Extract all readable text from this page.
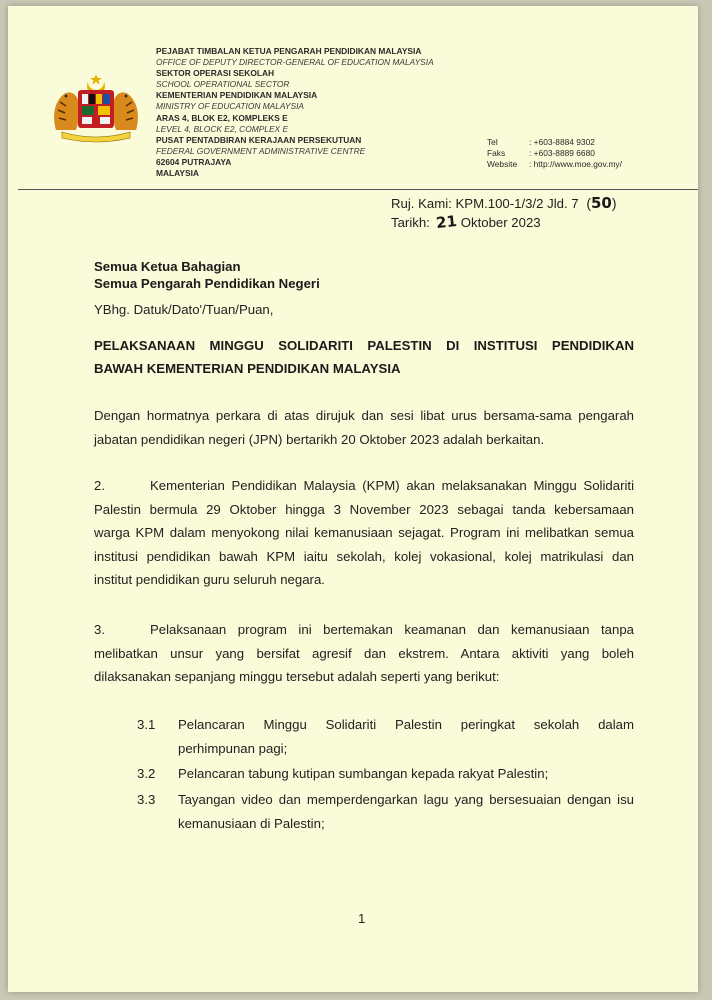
PEJABAT TIMBALAN KETUA PENGARAH PENDIDIKAN MALAYSIA
OFFICE OF DEPUTY DIRECTOR-GENERAL OF EDUCATION MALAYSIA
SEKTOR OPERASI SEKOLAH
SCHOOL OPERATIONAL SECTOR
KEMENTERIAN PENDIDIKAN MALAYSIA
MINISTRY OF EDUCATION MALAYSIA
ARAS 4, BLOK E2, KOMPLEKS E
LEVEL 4, BLOCK E2, COMPLEX E
PUSAT PENTADBIRAN KERAJAAN PERSEKUTUAN
FEDERAL GOVERNMENT ADMINISTRATIVE CENTRE
62604 PUTRAJAYA
MALAYSIA
Tel	: +603-8884 9302
Faks	: +603-8889 6680
Website : http://www.moe.gov.my/
Ruj. Kami: KPM.100-1/3/2 Jld. 7 (50)
Tarikh: 21 Oktober 2023
Semua Ketua Bahagian
Semua Pengarah Pendidikan Negeri
YBhg. Datuk/Dato'/Tuan/Puan,
PELAKSANAAN MINGGU SOLIDARITI PALESTIN DI INSTITUSI PENDIDIKAN
BAWAH KEMENTERIAN PENDIDIKAN MALAYSIA
Dengan hormatnya perkara di atas dirujuk dan sesi libat urus bersama-sama pengarah
jabatan pendidikan negeri (JPN) bertarikh 20 Oktober 2023 adalah berkaitan.
2.	Kementerian Pendidikan Malaysia (KPM) akan melaksanakan Minggu Solidariti
Palestin bermula 29 Oktober hingga 3 November 2023 sebagai tanda kebersamaan
warga KPM dalam menyokong nilai kemanusiaan sejagat. Program ini melibatkan semua
institusi pendidikan bawah KPM iaitu sekolah, kolej vokasional, kolej matrikulasi dan
institut pendidikan guru seluruh negara.
3.	Pelaksanaan program ini bertemakan keamanan dan kemanusiaan tanpa
melibatkan unsur yang bersifat agresif dan ekstrem. Antara aktiviti yang boleh
dilaksanakan sepanjang minggu tersebut adalah seperti yang berikut:
3.1 Pelancaran Minggu Solidariti Palestin peringkat sekolah dalam
perhimpunan pagi;
3.2 Pelancaran tabung kutipan sumbangan kepada rakyat Palestin;
3.3 Tayangan video dan memperdengarkan lagu yang bersesuaian dengan isu
kemanusiaan di Palestin;
1
